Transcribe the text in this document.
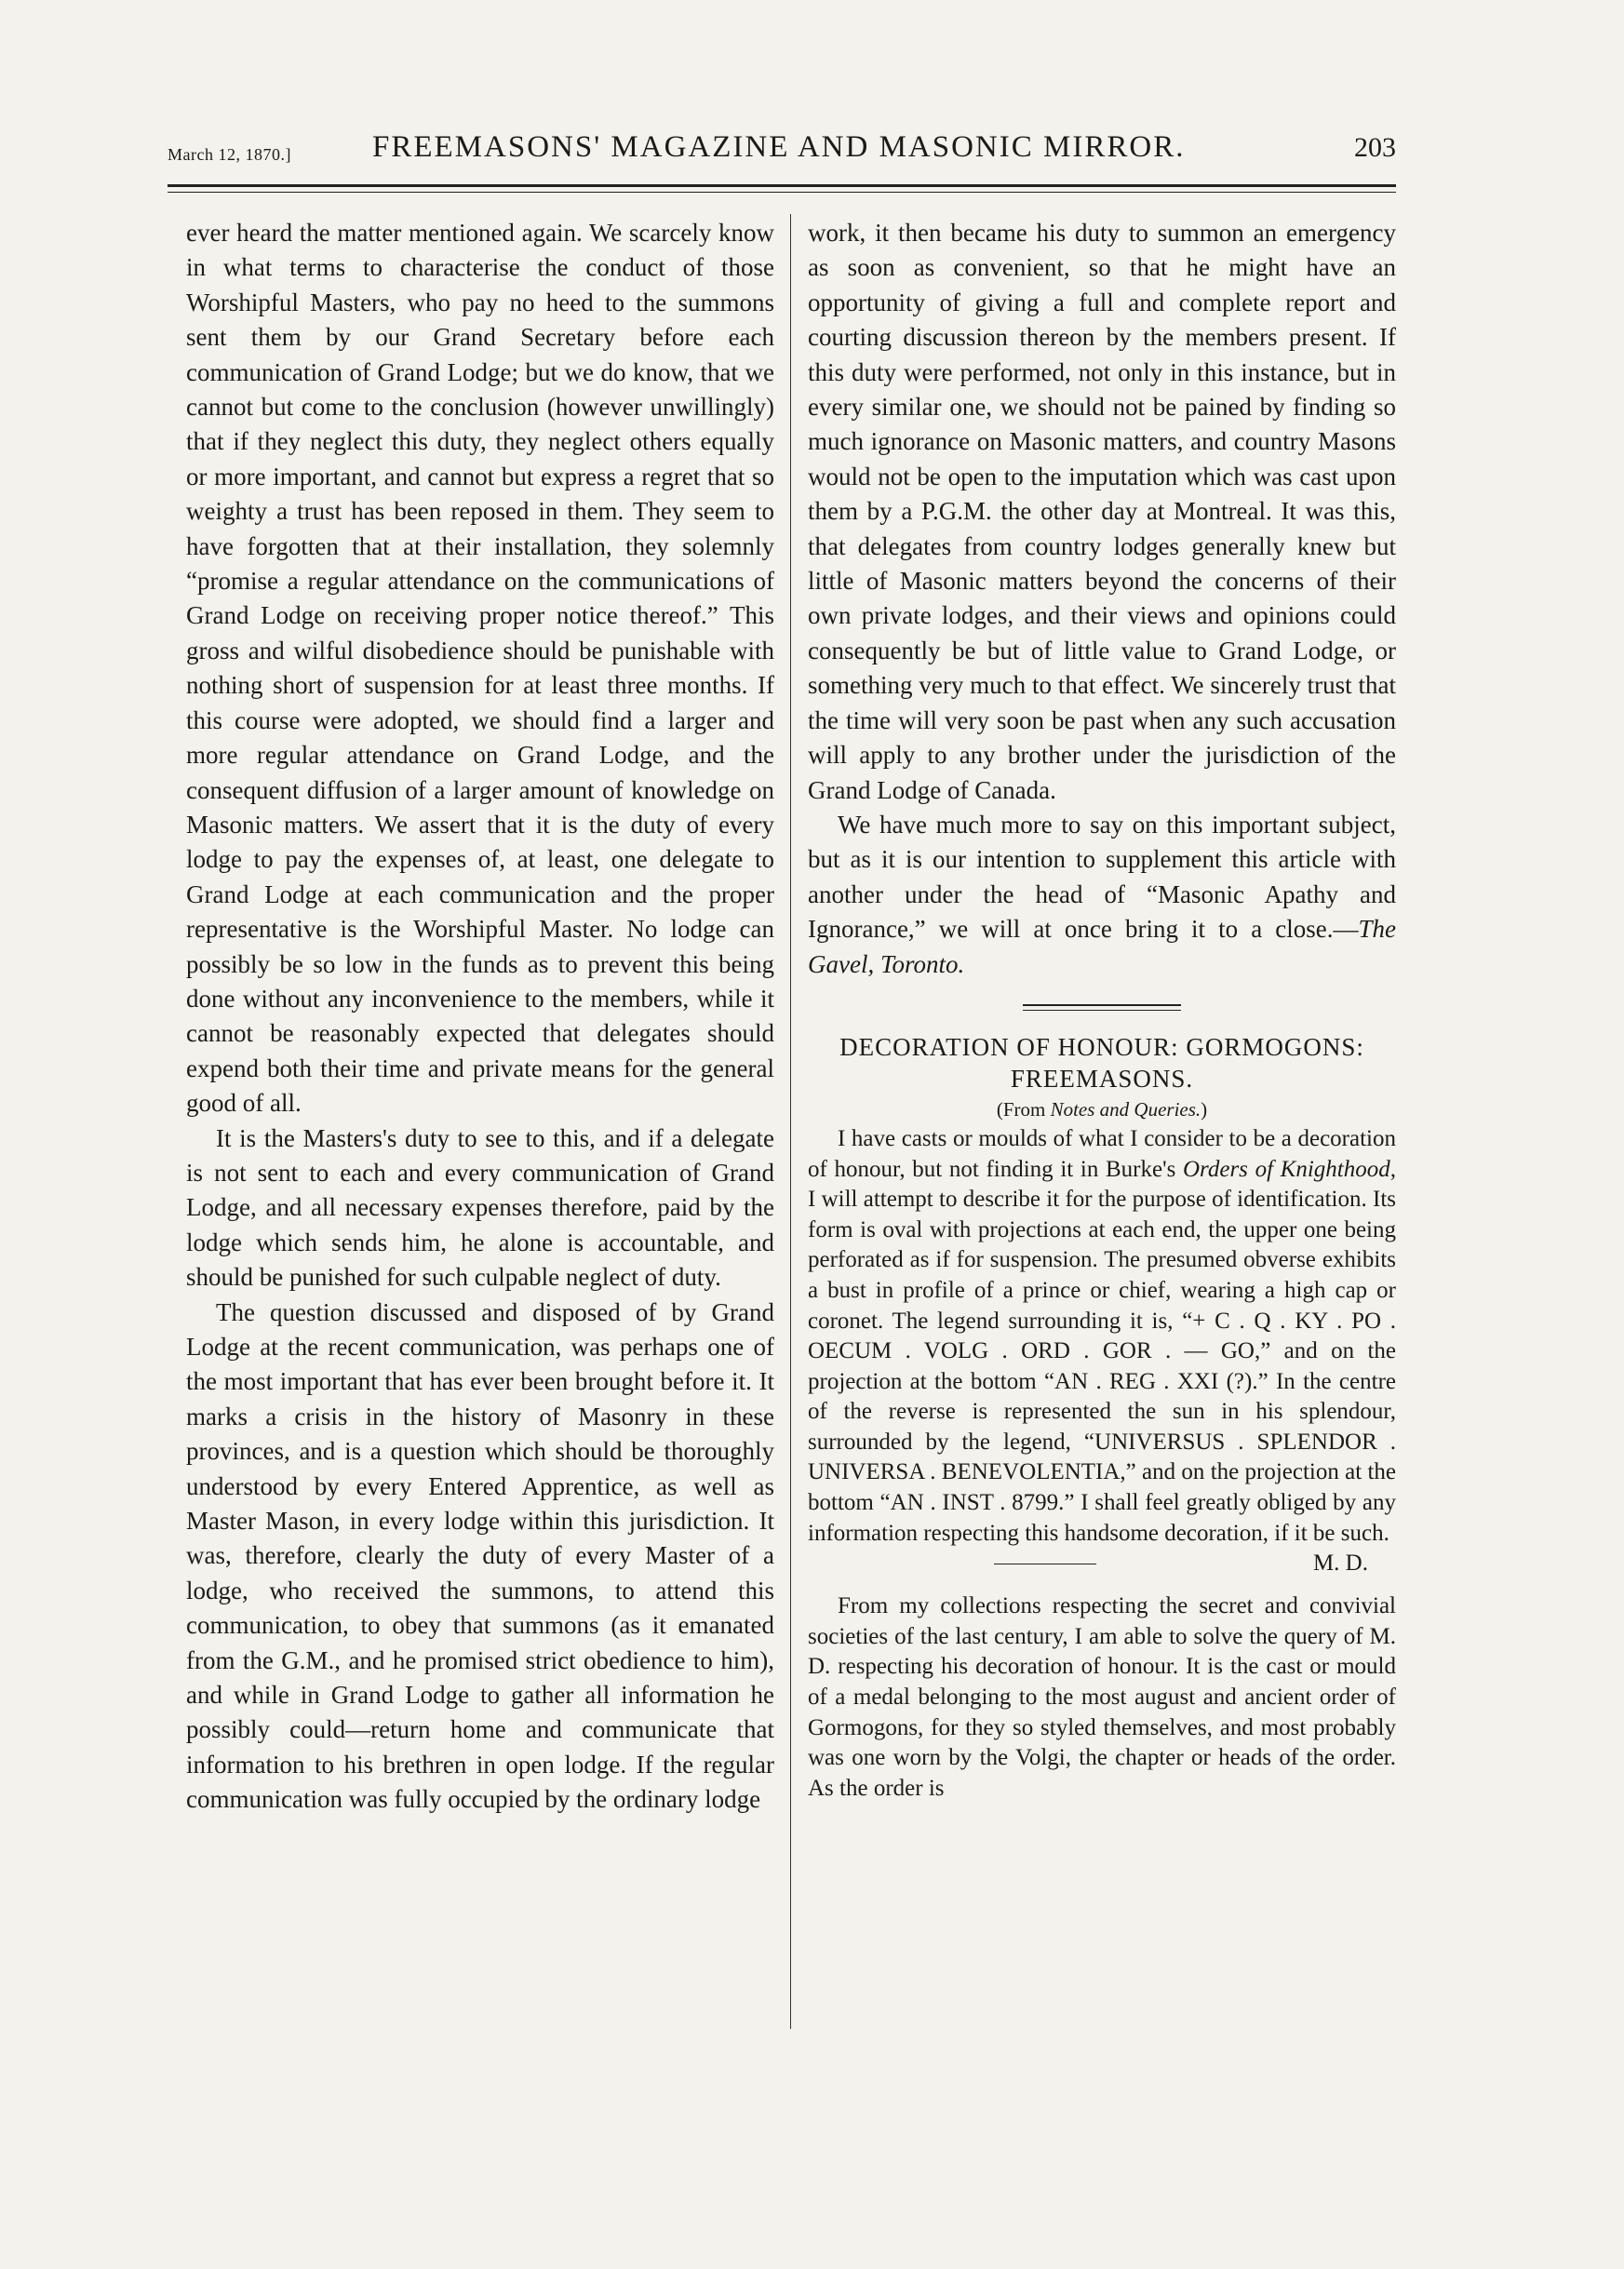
March 12, 1870.]	FREEMASONS' MAGAZINE AND MASONIC MIRROR.	203

ever heard the matter mentioned again. We scarcely know in what terms to characterise the conduct of those Worshipful Masters, who pay no heed to the summons sent them by our Grand Secretary before each communication of Grand Lodge; but we do know, that we cannot but come to the conclusion (however unwillingly) that if they neglect this duty, they neglect others equally or more important, and cannot but express a regret that so weighty a trust has been reposed in them. They seem to have forgotten that at their installation, they solemnly “promise a regular attendance on the communications of Grand Lodge on receiving proper notice thereof.” This gross and wilful disobedience should be punishable with nothing short of suspension for at least three months. If this course were adopted, we should find a larger and more regular attendance on Grand Lodge, and the consequent diffusion of a larger amount of knowledge on Masonic matters. We assert that it is the duty of every lodge to pay the expenses of, at least, one delegate to Grand Lodge at each communication and the proper representative is the Worshipful Master. No lodge can possibly be so low in the funds as to prevent this being done without any inconvenience to the members, while it cannot be reasonably expected that delegates should expend both their time and private means for the general good of all.

It is the Masters's duty to see to this, and if a delegate is not sent to each and every communication of Grand Lodge, and all necessary expenses therefore, paid by the lodge which sends him, he alone is accountable, and should be punished for such culpable neglect of duty.

The question discussed and disposed of by Grand Lodge at the recent communication, was perhaps one of the most important that has ever been brought before it. It marks a crisis in the history of Masonry in these provinces, and is a question which should be thoroughly understood by every Entered Apprentice, as well as Master Mason, in every lodge within this jurisdiction. It was, therefore, clearly the duty of every Master of a lodge, who received the summons, to attend this communication, to obey that summons (as it emanated from the G.M., and he promised strict obedience to him), and while in Grand Lodge to gather all information he possibly could—return home and communicate that information to his brethren in open lodge. If the regular communication was fully occupied by the ordinary lodge

work, it then became his duty to summon an emergency as soon as convenient, so that he might have an opportunity of giving a full and complete report and courting discussion thereon by the members present. If this duty were performed, not only in this instance, but in every similar one, we should not be pained by finding so much ignorance on Masonic matters, and country Masons would not be open to the imputation which was cast upon them by a P.G.M. the other day at Montreal. It was this, that delegates from country lodges generally knew but little of Masonic matters beyond the concerns of their own private lodges, and their views and opinions could consequently be but of little value to Grand Lodge, or something very much to that effect. We sincerely trust that the time will very soon be past when any such accusation will apply to any brother under the jurisdiction of the Grand Lodge of Canada.

We have much more to say on this important subject, but as it is our intention to supplement this article with another under the head of “Masonic Apathy and Ignorance,” we will at once bring it to a close.—The Gavel, Toronto.

DECORATION OF HONOUR: GORMOGONS: FREEMASONS.

(From Notes and Queries.)

I have casts or moulds of what I consider to be a decoration of honour, but not finding it in Burke's Orders of Knighthood, I will attempt to describe it for the purpose of identification. Its form is oval with projections at each end, the upper one being perforated as if for suspension. The presumed obverse exhibits a bust in profile of a prince or chief, wearing a high cap or coronet. The legend surrounding it is, “+ C . Q . KY . PO . OECUM . VOLG . ORD . GOR . — GO,” and on the projection at the bottom “AN . REG . XXI (?).” In the centre of the reverse is represented the sun in his splendour, surrounded by the legend, “UNIVERSUS . SPLENDOR . UNIVERSA . BENEVOLENTIA,” and on the projection at the bottom “AN . INST . 8799.” I shall feel greatly obliged by any information respecting this handsome decoration, if it be such.

M. D.

From my collections respecting the secret and convivial societies of the last century, I am able to solve the query of M. D. respecting his decoration of honour. It is the cast or mould of a medal belonging to the most august and ancient order of Gormogons, for they so styled themselves, and most probably was one worn by the Volgi, the chapter or heads of the order. As the order is
